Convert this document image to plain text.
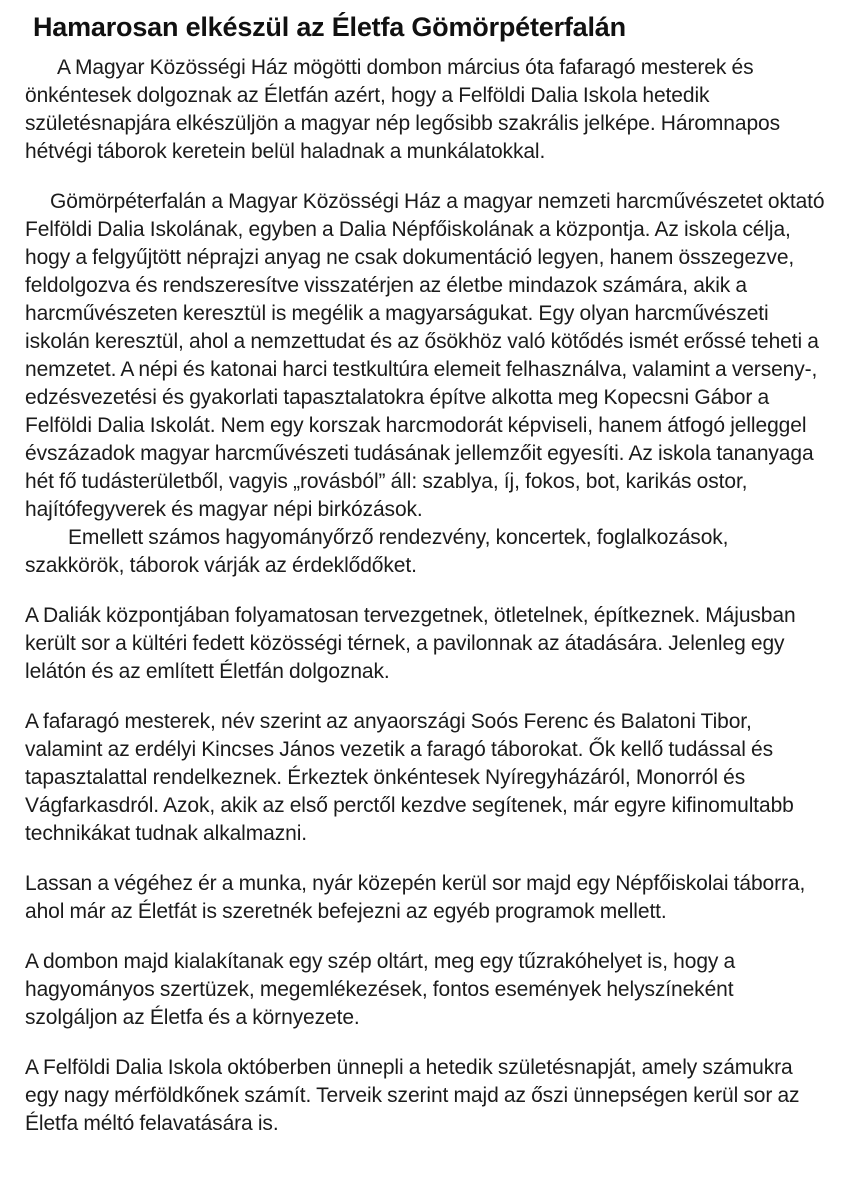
Hamarosan elkészül az Életfa Gömörpéterfalán

A Magyar Közösségi Ház mögötti dombon március óta fafaragó mesterek és önkéntesek dolgoznak az Életfán azért, hogy a Felföldi Dalia Iskola hetedik születésnapjára elkészüljön a magyar nép legősibb szakrális jelképe. Háromnapos hétvégi táborok keretein belül haladnak a munkálatokkal.

Gömörpéterfalán a Magyar Közösségi Ház a magyar nemzeti harcművészetet oktató Felföldi Dalia Iskolának, egyben a Dalia Népfőiskolának a központja. Az iskola célja, hogy a felgyűjtött néprajzi anyag ne csak dokumentáció legyen, hanem összegezve, feldolgozva és rendszeresítve visszatérjen az életbe mindazok számára, akik a harcművészeten keresztül is megélik a magyarságukat. Egy olyan harcművészeti iskolán keresztül, ahol a nemzettudat és az ősökhöz való kötődés ismét erőssé teheti a nemzetet. A népi és katonai harci testkultúra elemeit felhasználva, valamint a verseny-, edzésvezetési és gyakorlati tapasztalatokra építve alkotta meg Kopecsni Gábor a Felföldi Dalia Iskolát. Nem egy korszak harcmodorát képviseli, hanem átfogó jelleggel évszázadok magyar harcművészeti tudásának jellemzőit egyesíti. Az iskola tananyaga hét fő tudásterületből, vagyis „rovásból” áll: szablya, íj, fokos, bot, karikás ostor, hajítófegyverek és magyar népi birkózások.

Emellett számos hagyományőrző rendezvény, koncertek, foglalkozások, szakkörök, táborok várják az érdeklődőket.

A Daliák központjában folyamatosan tervezgetnek, ötletelnek, építkeznek. Májusban került sor a kültéri fedett közösségi térnek, a pavilonnak az átadására. Jelenleg egy lelátón és az említett Életfán dolgoznak.

A fafaragó mesterek, név szerint az anyaországi Soós Ferenc és Balatoni Tibor, valamint az erdélyi Kincses János vezetik a faragó táborokat. Ők kellő tudással és tapasztalattal rendelkeznek. Érkeztek önkéntesek Nyíregyházáról, Monorról és Vágfarkasdról. Azok, akik az első perctől kezdve segítenek, már egyre kifinomultabb technikákat tudnak alkalmazni.

Lassan a végéhez ér a munka, nyár közepén kerül sor majd egy Népfőiskolai táborra, ahol már az Életfát is szeretnék befejezni az egyéb programok mellett.

A dombon majd kialakítanak egy szép oltárt, meg egy tűzrakóhelyet is, hogy a hagyományos szertüzek, megemlékezések, fontos események helyszíneként szolgáljon az Életfa és a környezete.

A Felföldi Dalia Iskola októberben ünnepli a hetedik születésnapját, amely számukra egy nagy mérföldkőnek számít. Terveik szerint majd az őszi ünnepségen kerül sor az Életfa méltó felavatására is.
